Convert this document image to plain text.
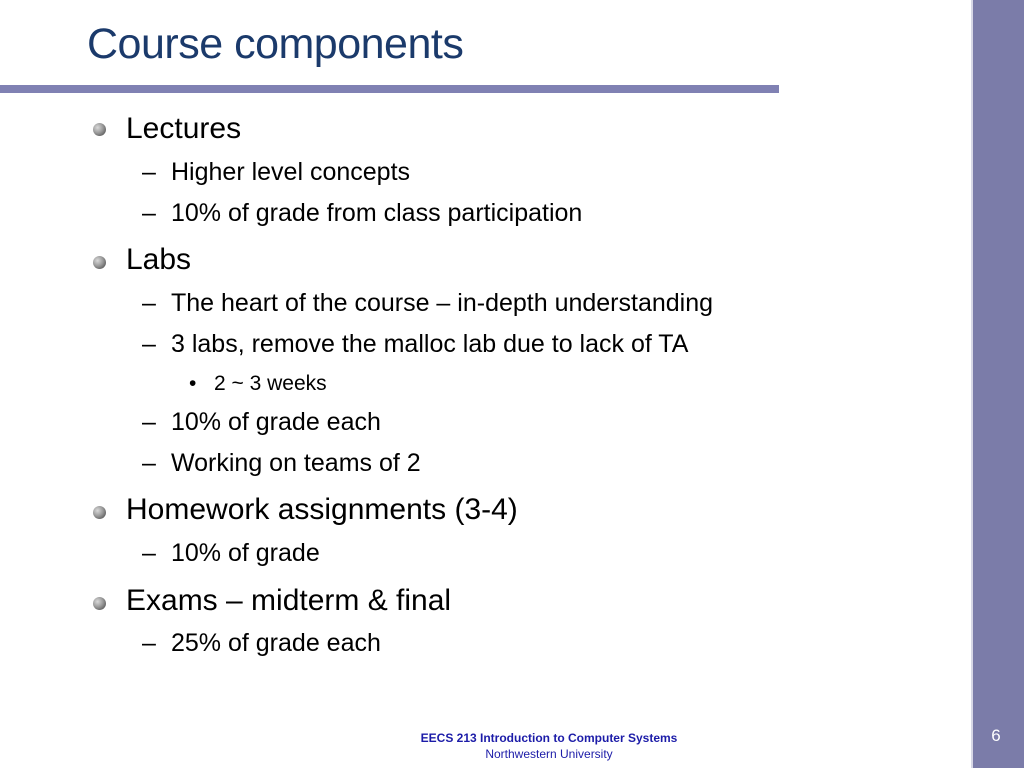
Course components
Lectures
– Higher level concepts
– 10% of grade from class participation
Labs
– The heart of the course – in-depth understanding
– 3 labs, remove the malloc lab due to lack of TA
• 2 ~ 3 weeks
– 10% of grade each
– Working on teams of 2
Homework assignments (3-4)
– 10% of grade
Exams – midterm & final
– 25% of grade each
EECS 213 Introduction to Computer Systems
Northwestern University
6
